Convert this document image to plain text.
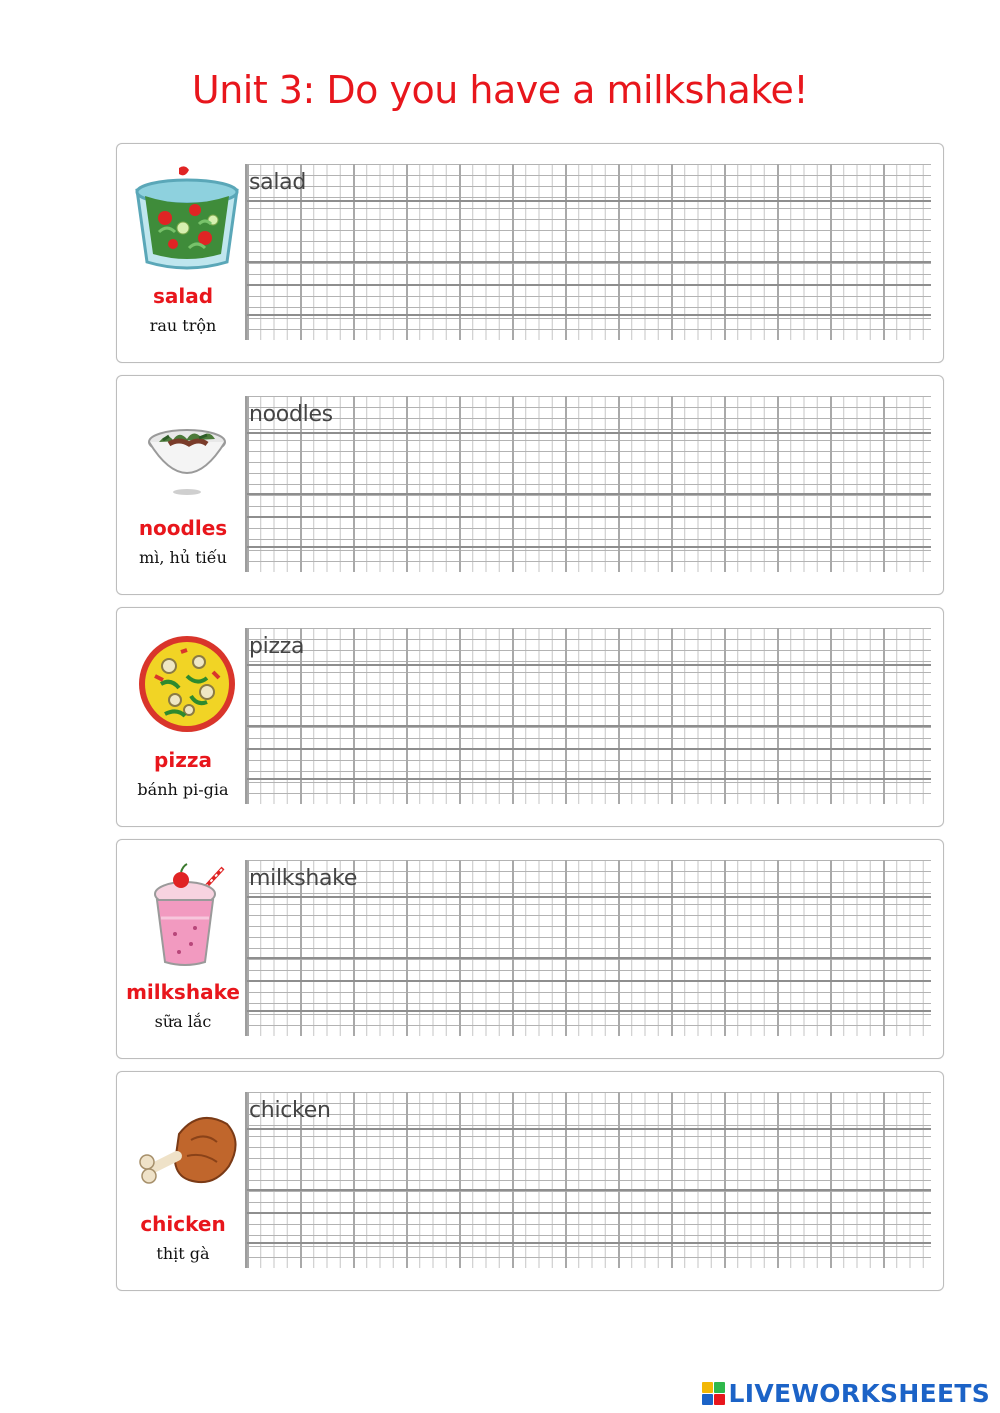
Unit 3: Do you have a milkshake!
salad
rau trộn
salad
noodles
mì, hủ tiếu
noodles
pizza
bánh pi-gia
pizza
milkshake
sữa lắc
milkshake
chicken
thịt gà
chicken
LIVEWORKSHEETS
